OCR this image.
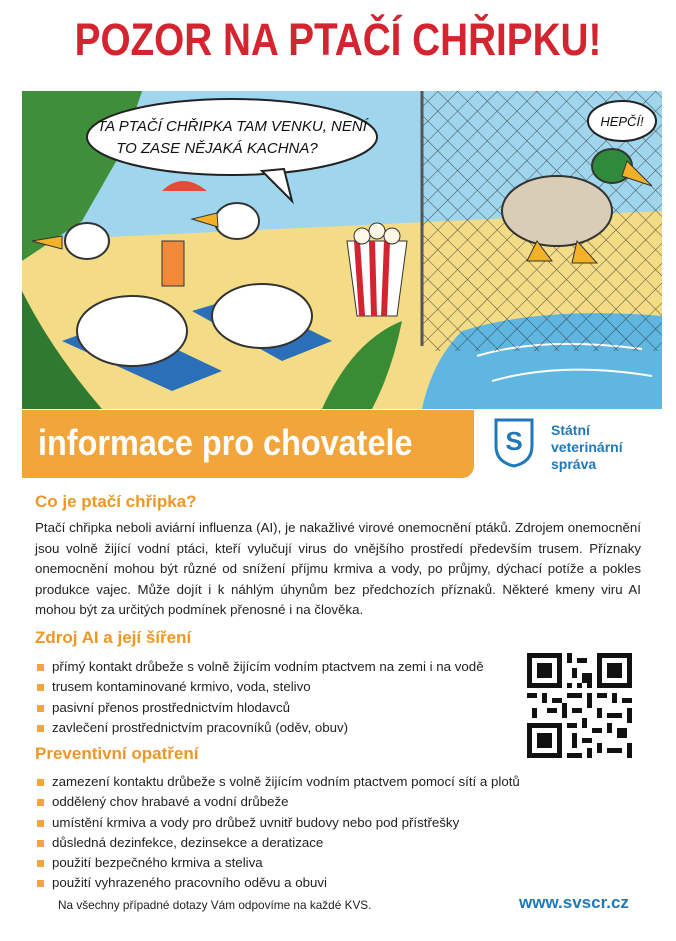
POZOR NA PTAČÍ CHŘIPKU!
TA PTAČÍ CHŘIPKA TAM VENKU, NENÍ
TO ZASE NĚJAKÁ KACHNA?
HEPČÍ!
informace pro chovatele	S Státní
veterinární
správa
Co je ptačí chřipka?
Ptačí chřipka neboli aviární influenza (AI), je nakažlivé virové onemocnění ptáků. Zdrojem onemocnění jsou volně žijící vodní ptáci, kteří vylučují virus do vnějšího prostředí především trusem. Příznaky onemocnění mohou být různé od snížení příjmu krmiva a vody, po průjmy, dýchací potíže a pokles produkce vajec. Může dojít i k náhlým úhynům bez předchozích příznaků. Některé kmeny viru AI mohou být za určitých podmínek přenosné i na člověka.
Zdroj AI a její šíření
přímý kontakt drůbeže s volně žijícím vodním ptactvem na zemi i na vodě
trusem kontaminované krmivo, voda, stelivo
pasivní přenos prostřednictvím hlodavců
zavlečení prostřednictvím pracovníků (oděv, obuv)
Preventivní opatření
zamezení kontaktu drůbeže s volně žijícím vodním ptactvem pomocí sítí a plotů
oddělený chov hrabavé a vodní drůbeže
umístění krmiva a vody pro drůbež uvnitř budovy nebo pod přístřešky
důsledná dezinfekce, dezinsekce a deratizace
použití bezpečného krmiva a steliva
použití vyhrazeného pracovního oděvu a obuvi
Na všechny případné dotazy Vám odpovíme na každé KVS.	www.svscr.cz
